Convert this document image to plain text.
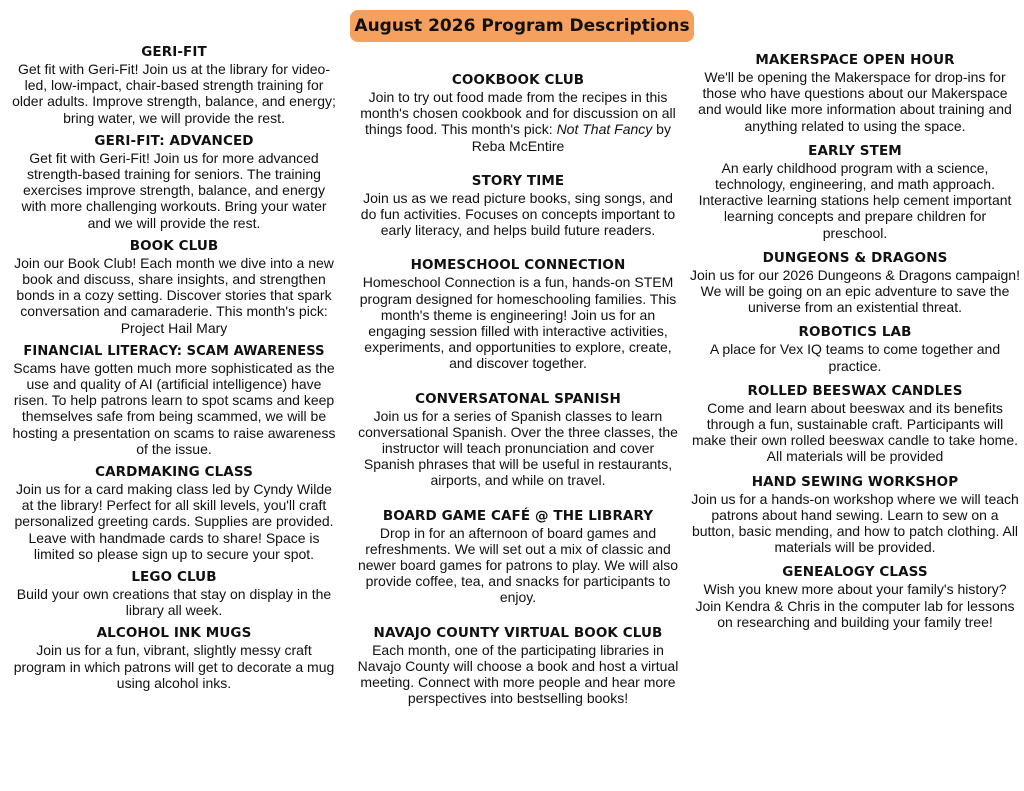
August 2026 Program Descriptions
GERI-FIT

Get fit with Geri-Fit! Join us at the library for video-led, low-impact, chair-based strength training for older adults. Improve strength, balance, and energy; bring water, we will provide the rest.

GERI-FIT: ADVANCED

Get fit with Geri-Fit! Join us for more advanced strength-based training for seniors. The training exercises improve strength, balance, and energy with more challenging workouts. Bring your water and we will provide the rest.

BOOK CLUB

Join our Book Club! Each month we dive into a new book and discuss, share insights, and strengthen bonds in a cozy setting. Discover stories that spark conversation and camaraderie. This month's pick: Project Hail Mary

FINANCIAL LITERACY: SCAM AWARENESS

Scams have gotten much more sophisticated as the use and quality of AI (artificial intelligence) have risen. To help patrons learn to spot scams and keep themselves safe from being scammed, we will be hosting a presentation on scams to raise awareness of the issue.

CARDMAKING CLASS

Join us for a card making class led by Cyndy Wilde at the library! Perfect for all skill levels, you'll craft personalized greeting cards. Supplies are provided. Leave with handmade cards to share! Space is limited so please sign up to secure your spot.

LEGO CLUB

Build your own creations that stay on display in the library all week.

ALCOHOL INK MUGS

Join us for a fun, vibrant, slightly messy craft program in which patrons will get to decorate a mug using alcohol inks.

COOKBOOK CLUB

Join to try out food made from the recipes in this month's chosen cookbook and for discussion on all things food. This month's pick: Not That Fancy by Reba McEntire

STORY TIME

Join us as we read picture books, sing songs, and do fun activities. Focuses on concepts important to early literacy, and helps build future readers.

HOMESCHOOL CONNECTION

Homeschool Connection is a fun, hands-on STEM program designed for homeschooling families. This month's theme is engineering! Join us for an engaging session filled with interactive activities, experiments, and opportunities to explore, create, and discover together.

CONVERSATONAL SPANISH

Join us for a series of Spanish classes to learn conversational Spanish. Over the three classes, the instructor will teach pronunciation and cover Spanish phrases that will be useful in restaurants, airports, and while on travel.

BOARD GAME CAFÉ @ THE LIBRARY

Drop in for an afternoon of board games and refreshments. We will set out a mix of classic and newer board games for patrons to play. We will also provide coffee, tea, and snacks for participants to enjoy.

NAVAJO COUNTY VIRTUAL BOOK CLUB

Each month, one of the participating libraries in Navajo County will choose a book and host a virtual meeting. Connect with more people and hear more perspectives into bestselling books!

MAKERSPACE OPEN HOUR

We'll be opening the Makerspace for drop-ins for those who have questions about our Makerspace and would like more information about training and anything related to using the space.

EARLY STEM

An early childhood program with a science, technology, engineering, and math approach. Interactive learning stations help cement important learning concepts and prepare children for preschool.

DUNGEONS & DRAGONS

Join us for our 2026 Dungeons & Dragons campaign! We will be going on an epic adventure to save the universe from an existential threat.

ROBOTICS LAB

A place for Vex IQ teams to come together and practice.

ROLLED BEESWAX CANDLES

Come and learn about beeswax and its benefits through a fun, sustainable craft. Participants will make their own rolled beeswax candle to take home. All materials will be provided

HAND SEWING WORKSHOP

Join us for a hands-on workshop where we will teach patrons about hand sewing. Learn to sew on a button, basic mending, and how to patch clothing. All materials will be provided.

GENEALOGY CLASS

Wish you knew more about your family's history? Join Kendra & Chris in the computer lab for lessons on researching and building your family tree!
